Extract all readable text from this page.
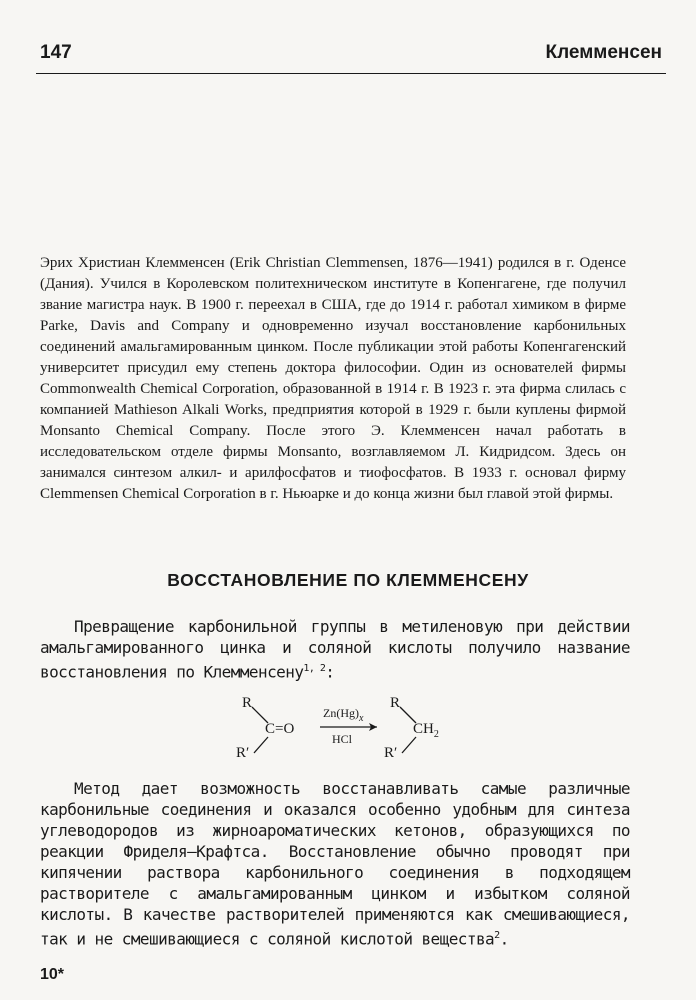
147	Клемменсен

Эрих Христиан Клемменсен (Erik Christian Clemmensen, 1876—1941) родился в г. Оденсе (Дания). Учился в Королевском политехническом институте в Копенгагене, где получил звание магистра наук. В 1900 г. переехал в США, где до 1914 г. работал химиком в фирме Parke, Davis and Company и одновременно изучал восстановление карбонильных соединений амальгамированным цинком. После публикации этой работы Копенгагенский университет присудил ему степень доктора философии. Один из основателей фирмы Commonwealth Chemical Corporation, образованной в 1914 г. В 1923 г. эта фирма слилась с компанией Mathieson Alkali Works, предприятия которой в 1929 г. были куплены фирмой Monsanto Chemical Company. После этого Э. Клемменсен начал работать в исследовательском отделе фирмы Monsanto, возглавляемом Л. Кидридсом. Здесь он занимался синтезом алкил- и арилфосфатов и тиофосфатов. В 1933 г. основал фирму Clemmensen Chemical Corporation в г. Ньюарке и до конца жизни был главой этой фирмы.

ВОССТАНОВЛЕНИЕ ПО КЛЕММЕНСЕНУ

Превращение карбонильной группы в метиленовую при действии амальгамированного цинка и соляной кислоты получило название восстановления по Клемменсену$^{1, 2}$:

R
C=O
R′
$Zn(Hg)_x$
HCl
R
$CH_2$
R′

Метод дает возможность восстанавливать самые различные карбонильные соединения и оказался особенно удобным для синтеза углеводородов из жирноароматических кетонов, образующихся по реакции Фриделя—Крафтса. Восстановление обычно проводят при кипячении раствора карбонильного соединения в подходящем растворителе с амальгамированным цинком и избытком соляной кислоты. В качестве растворителей применяются как смешивающиеся, так и не смешивающиеся с соляной кислотой вещества$^2$.

10*
